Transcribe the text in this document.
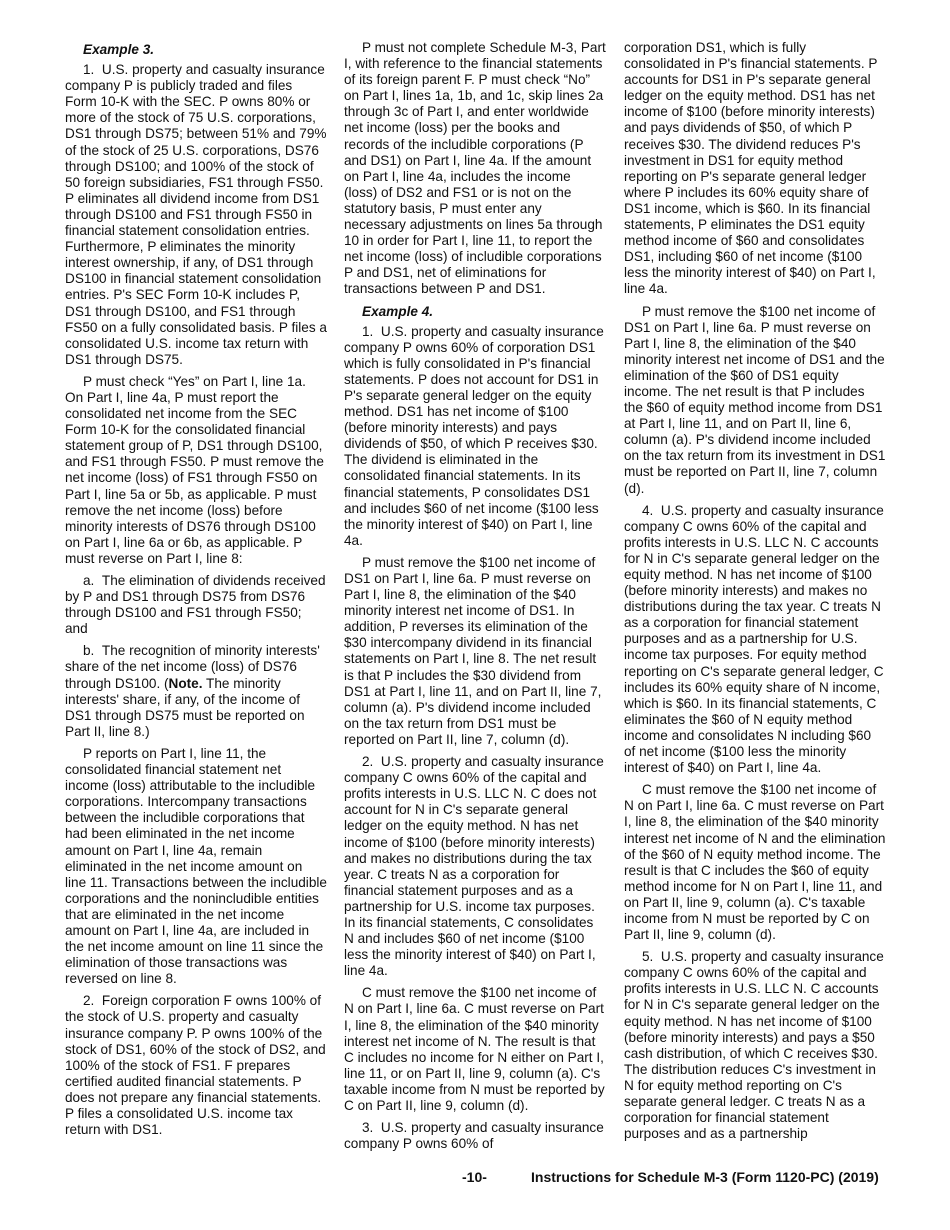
Example 3.

1.  U.S. property and casualty insurance company P is publicly traded and files Form 10-K with the SEC. P owns 80% or more of the stock of 75 U.S. corporations, DS1 through DS75; between 51% and 79% of the stock of 25 U.S. corporations, DS76 through DS100; and 100% of the stock of 50 foreign subsidiaries, FS1 through FS50. P eliminates all dividend income from DS1 through DS100 and FS1 through FS50 in financial statement consolidation entries. Furthermore, P eliminates the minority interest ownership, if any, of DS1 through DS100 in financial statement consolidation entries. P's SEC Form 10-K includes P, DS1 through DS100, and FS1 through FS50 on a fully consolidated basis. P files a consolidated U.S. income tax return with DS1 through DS75.

P must check “Yes” on Part I, line 1a. On Part I, line 4a, P must report the consolidated net income from the SEC Form 10-K for the consolidated financial statement group of P, DS1 through DS100, and FS1 through FS50. P must remove the net income (loss) of FS1 through FS50 on Part I, line 5a or 5b, as applicable. P must remove the net income (loss) before minority interests of DS76 through DS100 on Part I, line 6a or 6b, as applicable. P must reverse on Part I, line 8:

a.  The elimination of dividends received by P and DS1 through DS75 from DS76 through DS100 and FS1 through FS50; and

b.  The recognition of minority interests' share of the net income (loss) of DS76 through DS100. (Note. The minority interests' share, if any, of the income of DS1 through DS75 must be reported on Part II, line 8.)

P reports on Part I, line 11, the consolidated financial statement net income (loss) attributable to the includible corporations. Intercompany transactions between the includible corporations that had been eliminated in the net income amount on Part I, line 4a, remain eliminated in the net income amount on line 11. Transactions between the includible corporations and the nonincludible entities that are eliminated in the net income amount on Part I, line 4a, are included in the net income amount on line 11 since the elimination of those transactions was reversed on line 8.

2.  Foreign corporation F owns 100% of the stock of U.S. property and casualty insurance company P. P owns 100% of the stock of DS1, 60% of the stock of DS2, and 100% of the stock of FS1. F prepares certified audited financial statements. P does not prepare any financial statements. P files a consolidated U.S. income tax return with DS1.

P must not complete Schedule M-3, Part I, with reference to the financial statements of its foreign parent F. P must check “No” on Part I, lines 1a, 1b, and 1c, skip lines 2a through 3c of Part I, and enter worldwide net income (loss) per the books and records of the includible corporations (P and DS1) on Part I, line 4a. If the amount on Part I, line 4a, includes the income (loss) of DS2 and FS1 or is not on the statutory basis, P must enter any necessary adjustments on lines 5a through 10 in order for Part I, line 11, to report the net income (loss) of includible corporations P and DS1, net of eliminations for transactions between P and DS1.

Example 4.

1.  U.S. property and casualty insurance company P owns 60% of corporation DS1 which is fully consolidated in P's financial statements. P does not account for DS1 in P's separate general ledger on the equity method. DS1 has net income of $100 (before minority interests) and pays dividends of $50, of which P receives $30. The dividend is eliminated in the consolidated financial statements. In its financial statements, P consolidates DS1 and includes $60 of net income ($100 less the minority interest of $40) on Part I, line 4a.

P must remove the $100 net income of DS1 on Part I, line 6a. P must reverse on Part I, line 8, the elimination of the $40 minority interest net income of DS1. In addition, P reverses its elimination of the $30 intercompany dividend in its financial statements on Part I, line 8. The net result is that P includes the $30 dividend from DS1 at Part I, line 11, and on Part II, line 7, column (a). P's dividend income included on the tax return from DS1 must be reported on Part II, line 7, column (d).

2.  U.S. property and casualty insurance company C owns 60% of the capital and profits interests in U.S. LLC N. C does not account for N in C's separate general ledger on the equity method. N has net income of $100 (before minority interests) and makes no distributions during the tax year. C treats N as a corporation for financial statement purposes and as a partnership for U.S. income tax purposes. In its financial statements, C consolidates N and includes $60 of net income ($100 less the minority interest of $40) on Part I, line 4a.

C must remove the $100 net income of N on Part I, line 6a. C must reverse on Part I, line 8, the elimination of the $40 minority interest net income of N. The result is that C includes no income for N either on Part I, line 11, or on Part II, line 9, column (a). C's taxable income from N must be reported by C on Part II, line 9, column (d).

3.  U.S. property and casualty insurance company P owns 60% of

corporation DS1, which is fully consolidated in P's financial statements. P accounts for DS1 in P's separate general ledger on the equity method. DS1 has net income of $100 (before minority interests) and pays dividends of $50, of which P receives $30. The dividend reduces P's investment in DS1 for equity method reporting on P's separate general ledger where P includes its 60% equity share of DS1 income, which is $60. In its financial statements, P eliminates the DS1 equity method income of $60 and consolidates DS1, including $60 of net income ($100 less the minority interest of $40) on Part I, line 4a.

P must remove the $100 net income of DS1 on Part I, line 6a. P must reverse on Part I, line 8, the elimination of the $40 minority interest net income of DS1 and the elimination of the $60 of DS1 equity income. The net result is that P includes the $60 of equity method income from DS1 at Part I, line 11, and on Part II, line 6, column (a). P's dividend income included on the tax return from its investment in DS1 must be reported on Part II, line 7, column (d).

4.  U.S. property and casualty insurance company C owns 60% of the capital and profits interests in U.S. LLC N. C accounts for N in C's separate general ledger on the equity method. N has net income of $100 (before minority interests) and makes no distributions during the tax year. C treats N as a corporation for financial statement purposes and as a partnership for U.S. income tax purposes. For equity method reporting on C's separate general ledger, C includes its 60% equity share of N income, which is $60. In its financial statements, C eliminates the $60 of N equity method income and consolidates N including $60 of net income ($100 less the minority interest of $40) on Part I, line 4a.

C must remove the $100 net income of N on Part I, line 6a. C must reverse on Part I, line 8, the elimination of the $40 minority interest net income of N and the elimination of the $60 of N equity method income. The result is that C includes the $60 of equity method income for N on Part I, line 11, and on Part II, line 9, column (a). C's taxable income from N must be reported by C on Part II, line 9, column (d).

5.  U.S. property and casualty insurance company C owns 60% of the capital and profits interests in U.S. LLC N. C accounts for N in C's separate general ledger on the equity method. N has net income of $100 (before minority interests) and pays a $50 cash distribution, of which C receives $30. The distribution reduces C's investment in N for equity method reporting on C's separate general ledger. C treats N as a corporation for financial statement purposes and as a partnership

-10-	Instructions for Schedule M-3 (Form 1120-PC) (2019)
